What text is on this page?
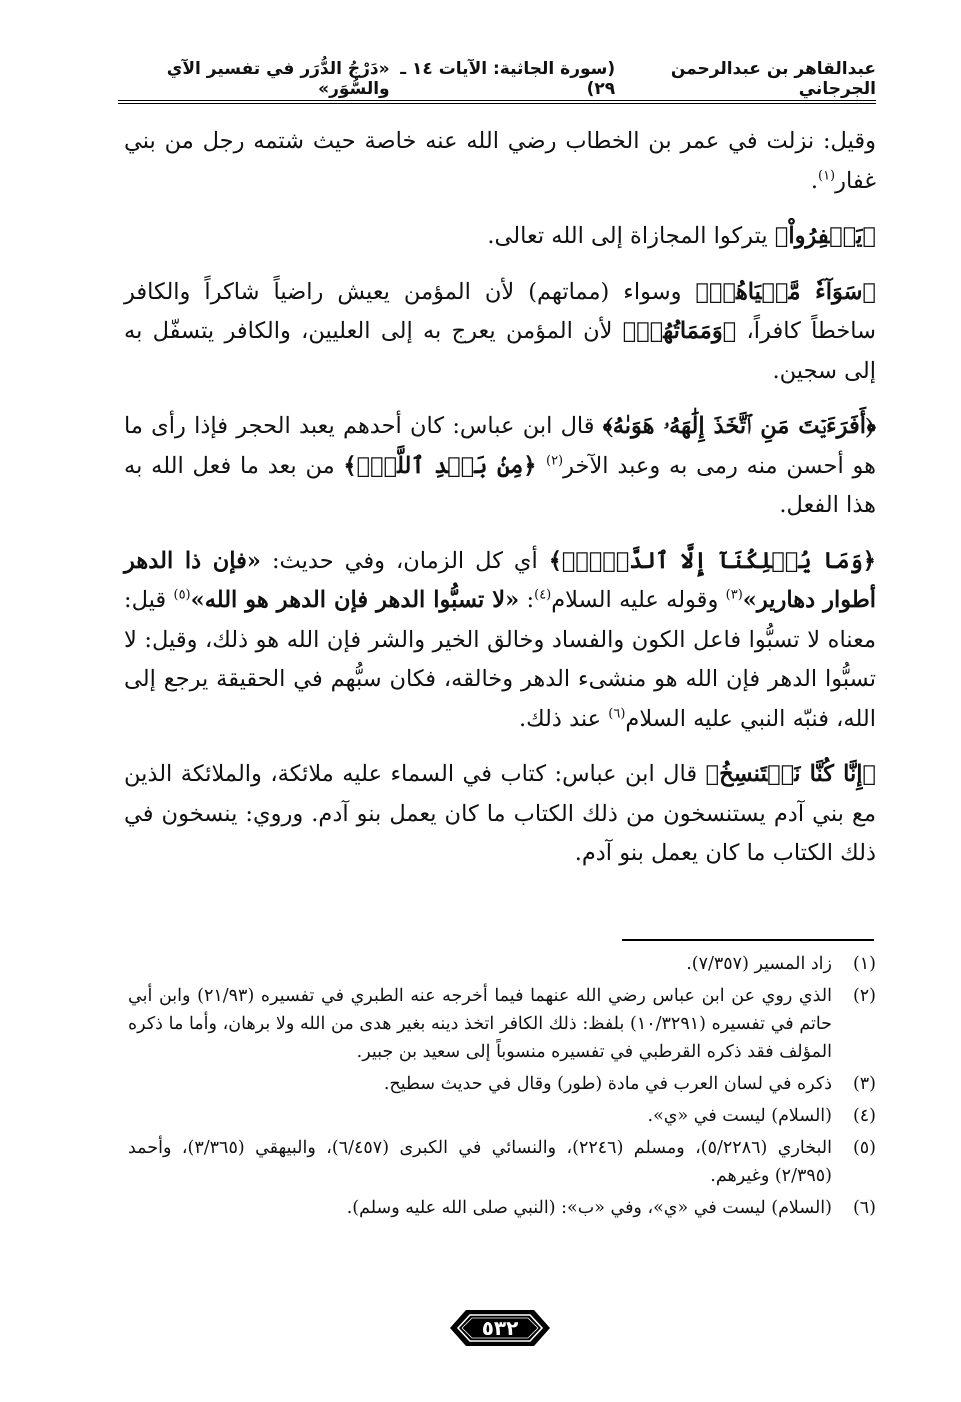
عبدالقاهر بن عبدالرحمن الجرجاني
(سورة الجاثية: الآيات ١٤ ـ ٢٩)
«دَرْجُ الدُّرَر في تفسير الآي والسُّوَر»

وقيل: نزلت في عمر بن الخطاب رضي الله عنه خاصة حيث شتمه رجل من بني غفار$^{(١)}$.

﴿يَغۡفِرُواْ﴾ يتركوا المجازاة إلى الله تعالى.

﴿سَوَآءٗ مَّحۡيَاهُمۡ﴾ وسواء (مماتهم) لأن المؤمن يعيش راضياً شاكراً والكافر ساخطاً كافراً، ﴿وَمَمَاتُهُمۡ﴾ لأن المؤمن يعرج به إلى العليين، والكافر يتسفّل به إلى سجين.

﴿أَفَرَءَيۡتَ مَنِ ٱتَّخَذَ إِلَٰهَهُۥ هَوَىٰهُ﴾ قال ابن عباس: كان أحدهم يعبد الحجر فإذا رأى ما هو أحسن منه رمى به وعبد الآخر$^{(٢)}$ ﴿مِنۢ بَعۡدِ ٱللَّهِۚ﴾ من بعد ما فعل الله به هذا الفعل.

﴿وَمَا يُهۡلِكُنَآ إِلَّا ٱلدَّهۡرُۚ﴾ أي كل الزمان، وفي حديث: «فإن ذا الدهر أطوار دهارير»$^{(٣)}$ وقوله عليه السلام$^{(٤)}$: «لا تسبُّوا الدهر فإن الدهر هو الله»$^{(٥)}$ قيل: معناه لا تسبُّوا فاعل الكون والفساد وخالق الخير والشر فإن الله هو ذلك، وقيل: لا تسبُّوا الدهر فإن الله هو منشىء الدهر وخالقه، فكان سبُّهم في الحقيقة يرجع إلى الله، فنبّه النبي عليه السلام$^{(٦)}$ عند ذلك.

﴿إِنَّا كُنَّا نَسۡتَنسِخُ﴾ قال ابن عباس: كتاب في السماء عليه ملائكة، والملائكة الذين مع بني آدم يستنسخون من ذلك الكتاب ما كان يعمل بنو آدم. وروي: ينسخون في ذلك الكتاب ما كان يعمل بنو آدم.

(١)
زاد المسير (٧/٣٥٧).
(٢)
الذي روي عن ابن عباس رضي الله عنهما فيما أخرجه عنه الطبري في تفسيره (٢١/٩٣) وابن أبي حاتم في تفسيره (١٠/٣٢٩١) بلفظ: ذلك الكافر اتخذ دينه بغير هدى من الله ولا برهان، وأما ما ذكره المؤلف فقد ذكره القرطبي في تفسيره منسوباً إلى سعيد بن جبير.
(٣)
ذكره في لسان العرب في مادة (طور) وقال في حديث سطيح.
(٤)
(السلام) ليست في «ي».
(٥)
البخاري (٥/٢٢٨٦)، ومسلم (٢٢٤٦)، والنسائي في الكبرى (٦/٤٥٧)، والبيهقي (٣/٣٦٥)، وأحمد (٢/٣٩٥) وغيرهم.
(٦)
(السلام) ليست في «ي»، وفي «ب»: (النبي صلى الله عليه وسلم).
٥٣٢
